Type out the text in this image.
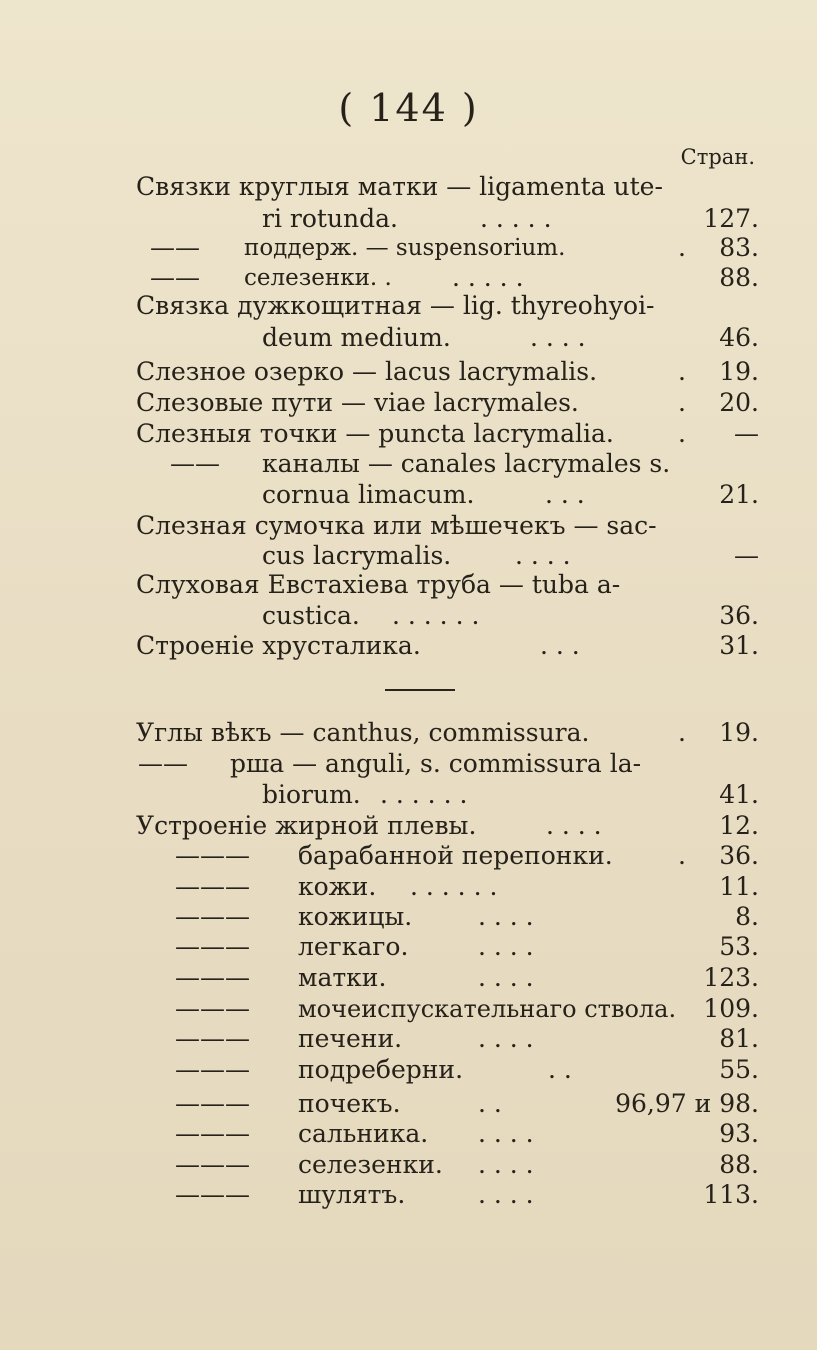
( 144 )
Стран.
Связки круглыя матки — ligamenta ute-
ri rotunda.	. . . . .	127.
—— поддерж. — suspensorium.	. 83.
—— селезенки. . . . . . .	88.
Связка дужкощитная — lig. thyreohyoi-
deum medium.	. . . .	46.
Слезное озерко — lacus lacrymalis.	. 19.
Слезовые пути — viae lacrymales.	. 20.
Слезныя точки — puncta lacrymalia.	. —
—— каналы — canales lacrymales s.
cornua limacum.	. . .	21.
Слезная сумочка или мѣшечекъ — sac-
cus lacrymalis.	. . . .	—
Слуховая Евстахіева труба — tuba a-
custica. . . . . . .	36.
Строеніе хрусталика.	. . .	31.
Углы вѣкъ — canthus, commissura.	. 19.
—— рша — anguli, s. commissura la-
biorum. . . . . . .	41.
Устроеніе жирной плевы.	. . . .	12.
——— барабанной перепонки.	. 36.
——— кожи. . . . . . .	11.
——— кожицы.	. . . .	8.
——— легкаго.	. . . .	53.
——— матки.	. . . .	123.
——— мочеиспускательнаго ствола. 109.
——— печени.	. . . .	81.
——— подреберни.	. .	55.
——— почекъ.	. .	96,97 и 98.
——— сальника. . . . .	93.
——— селезенки. . . . .	88.
——— шулятъ.	. . . .	113.
